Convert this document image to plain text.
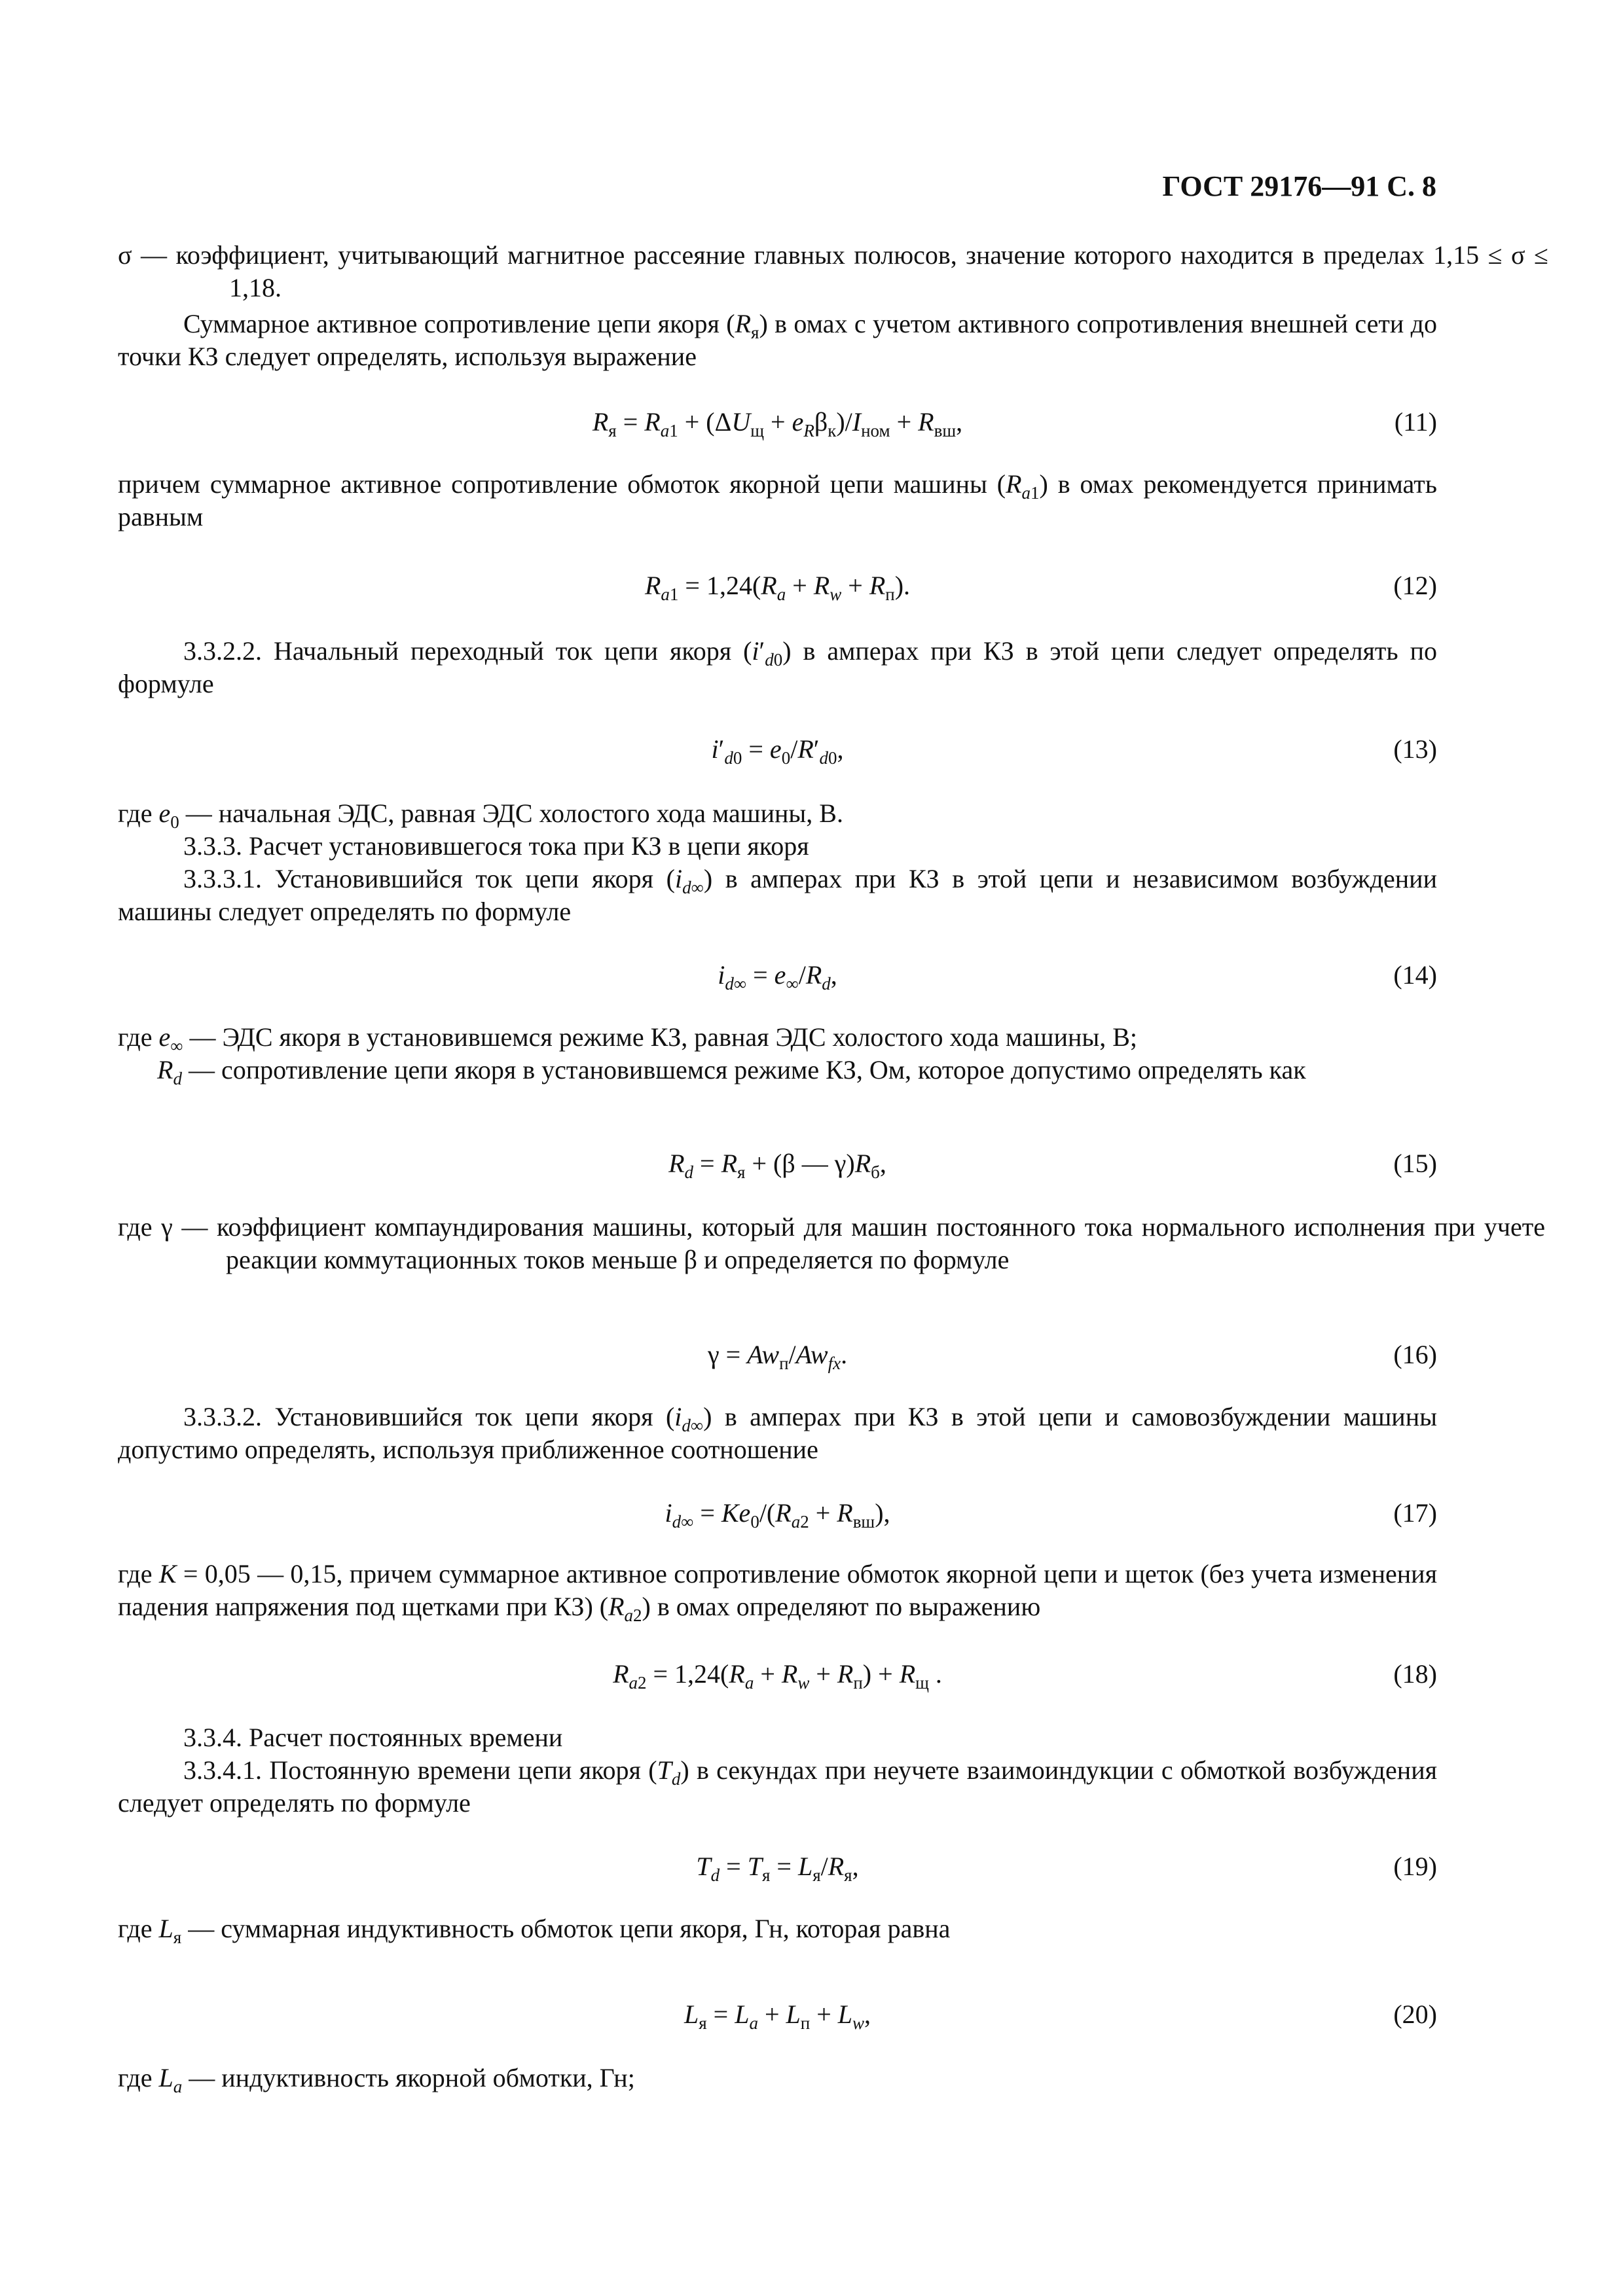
ГОСТ 29176—91 С. 8
σ — коэффициент, учитывающий магнитное рассеяние главных полюсов, значение которого находится в пределах 1,15 ≤ σ ≤ 1,18.
Суммарное активное сопротивление цепи якоря $(R_я)$ в омах с учетом активного сопротивления внешней сети до точки КЗ следует определять, используя выражение
$R_я = R_{a1} + (\Delta U_щ + e_R\beta_к)/I_{ном} + R_{вш}$,	(11)
причем суммарное активное сопротивление обмоток якорной цепи машины $(R_{a1})$ в омах рекомендуется принимать равным
$R_{a1} = 1,24(R_a + R_w + R_п)$.	(12)
3.3.2.2. Начальный переходный ток цепи якоря $(i'_{d0})$ в амперах при КЗ в этой цепи следует определять по формуле
$i'_{d0} = e_0/R'_{d0}$,	(13)
где $e_0$ — начальная ЭДС, равная ЭДС холостого хода машины, В.
3.3.3. Расчет установившегося тока при КЗ в цепи якоря
3.3.3.1. Установившийся ток цепи якоря $(i_{d\infty})$ в амперах при КЗ в этой цепи и независимом возбуждении машины следует определять по формуле
$i_{d\infty} = e_\infty/R_d$,	(14)
где $e_\infty$ — ЭДС якоря в установившемся режиме КЗ, равная ЭДС холостого хода машины, В;
$R_d$ — сопротивление цепи якоря в установившемся режиме КЗ, Ом, которое допустимо определять как
$R_d = R_я + (\beta$ — $\gamma)R_б$,	(15)
где γ — коэффициент компаундирования машины, который для машин постоянного тока нормального исполнения при учете реакции коммутационных токов меньше β и определяется по формуле
$\gamma = Aw_п/Aw_{fx}$.	(16)
3.3.3.2. Установившийся ток цепи якоря $(i_{d\infty})$ в амперах при КЗ в этой цепи и самовозбуждении машины допустимо определять, используя приближенное соотношение
$i_{d\infty} = Ke_0/(R_{a2} + R_{вш})$,	(17)
где K = 0,05 — 0,15, причем суммарное активное сопротивление обмоток якорной цепи и щеток (без учета изменения падения напряжения под щетками при КЗ) $(R_{a2})$ в омах определяют по выражению
$R_{a2} = 1,24(R_a + R_w + R_п) + R_щ$ .	(18)
3.3.4. Расчет постоянных времени
3.3.4.1. Постоянную времени цепи якоря $(T_d)$ в секундах при неучете взаимоиндукции с обмоткой возбуждения следует определять по формуле
$T_d = T_я = L_я/R_я$,	(19)
где $L_я$ — суммарная индуктивность обмоток цепи якоря, Гн, которая равна
$L_я = L_a + L_п + L_w$,	(20)
где $L_a$ — индуктивность якорной обмотки, Гн;
